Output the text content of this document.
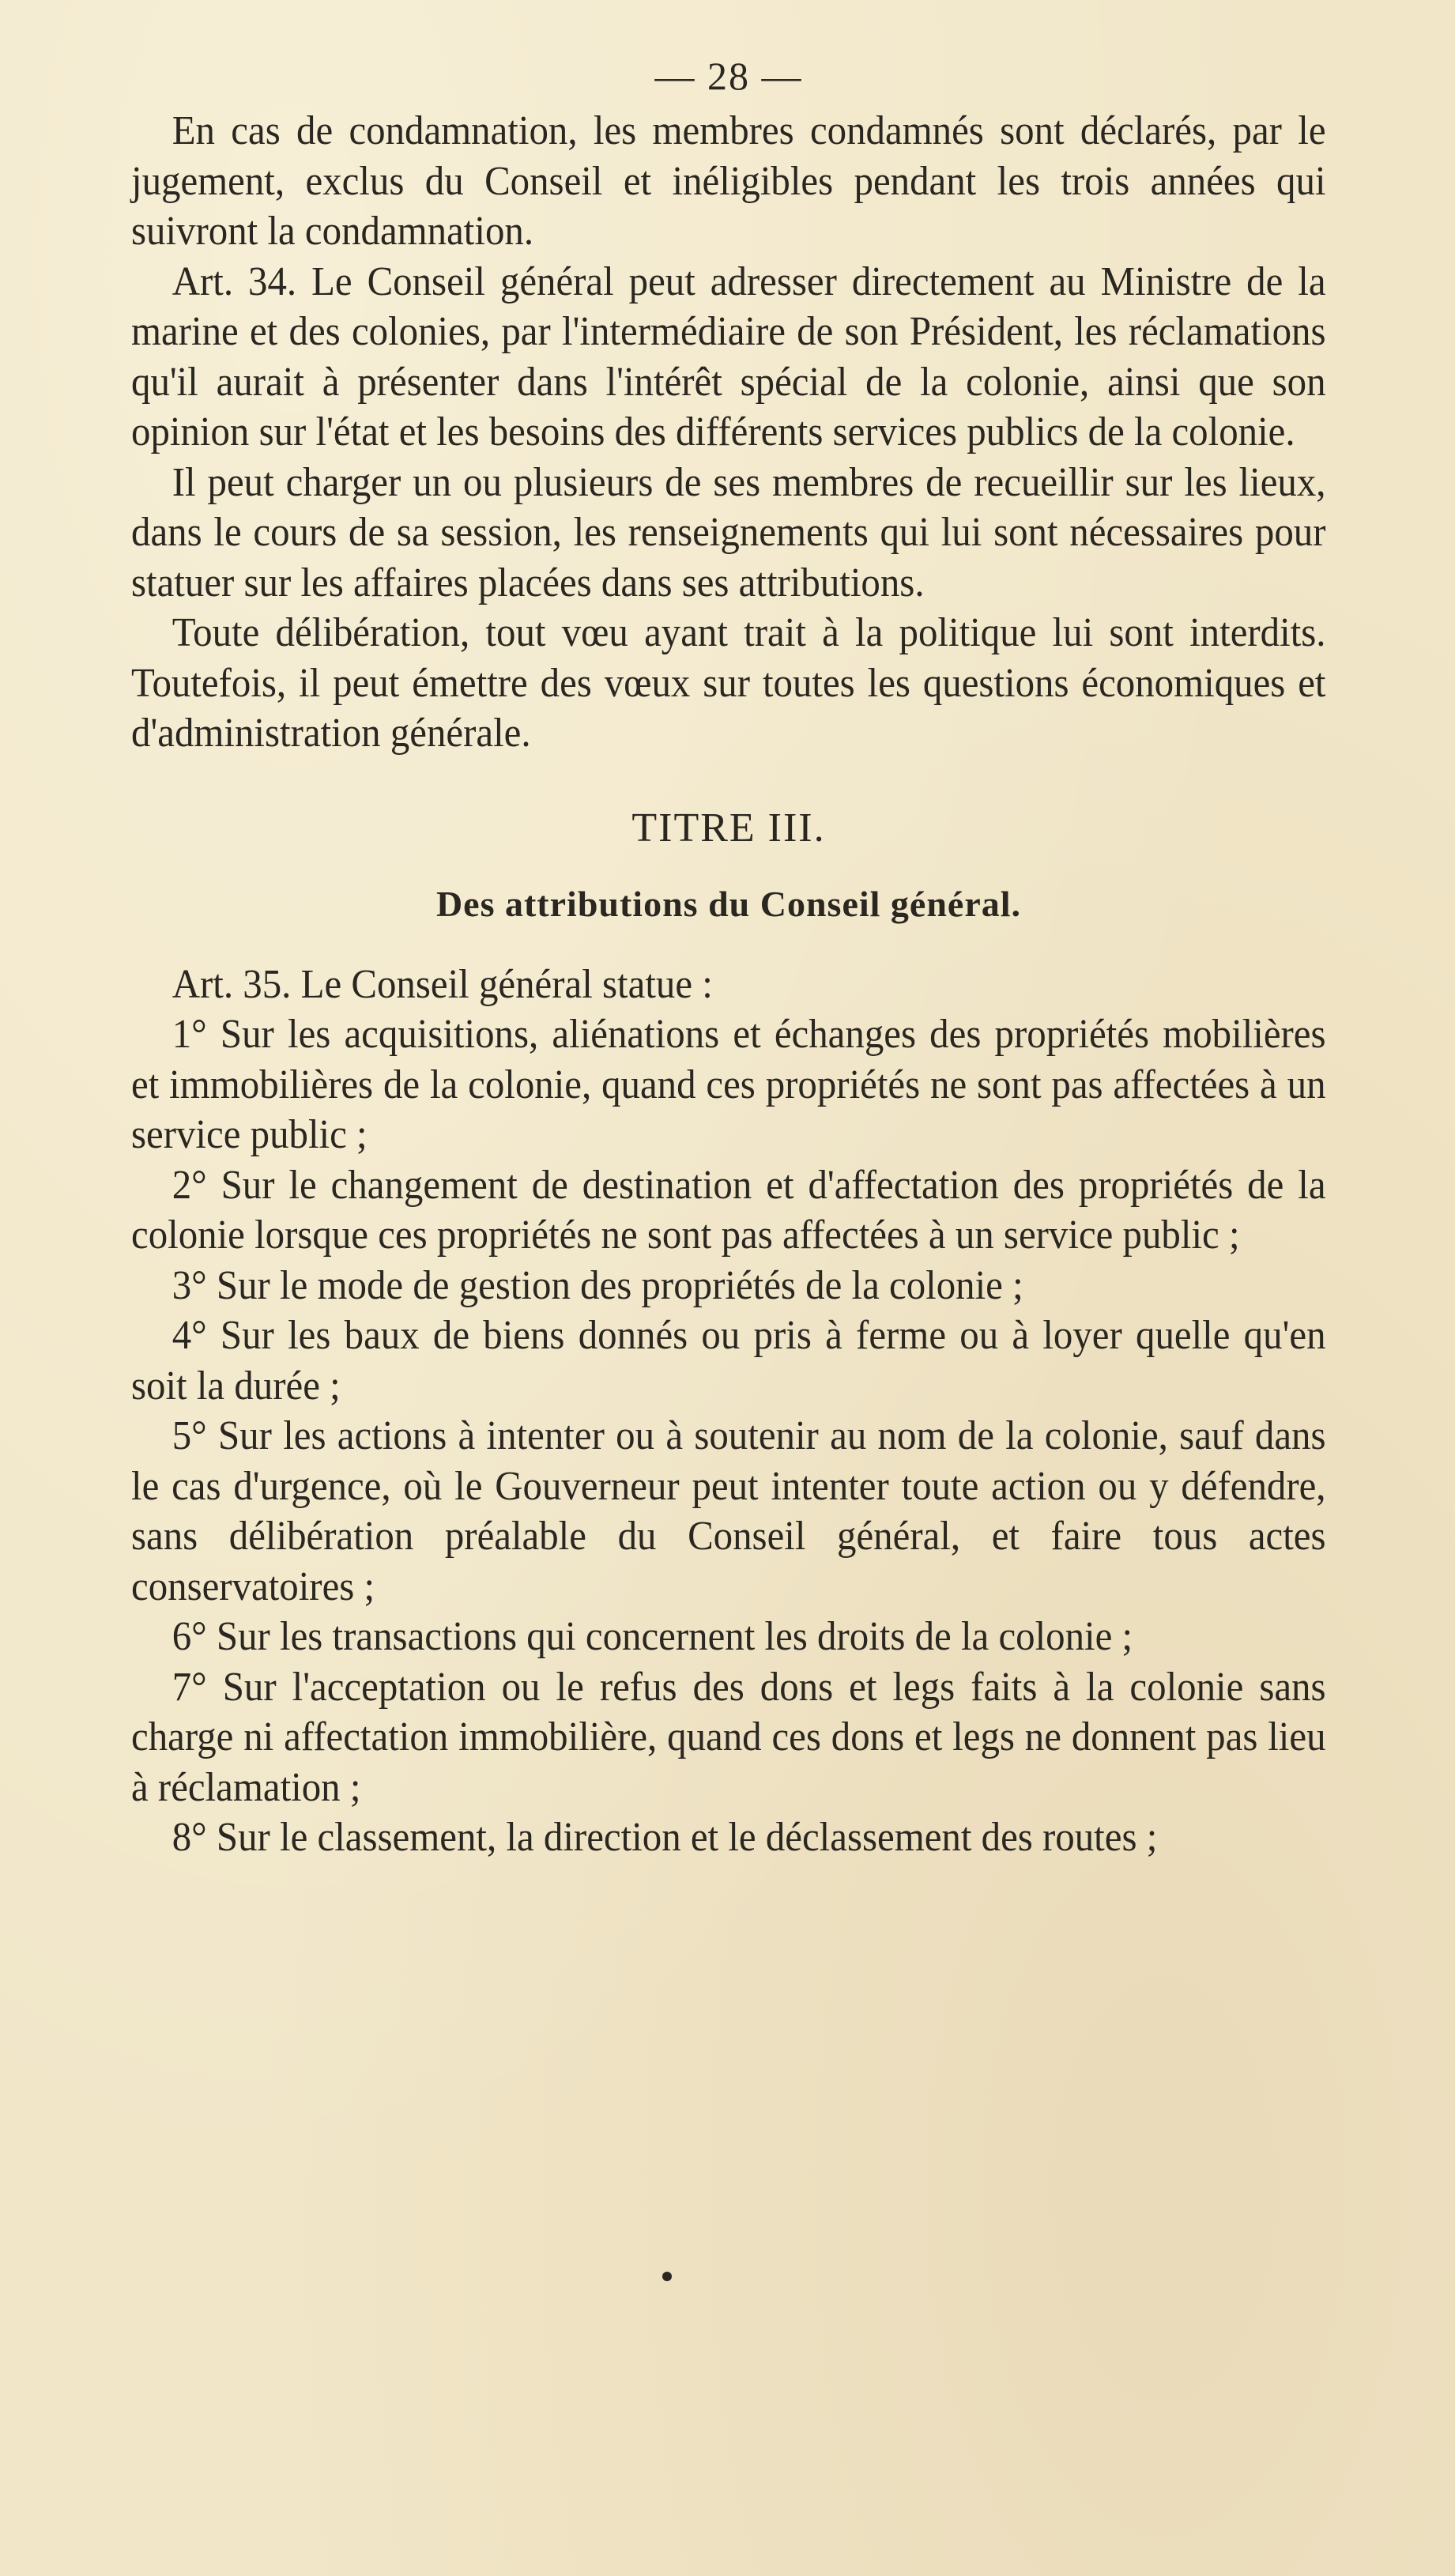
— 28 —

En cas de condamnation, les membres condamnés sont déclarés, par le jugement, exclus du Conseil et inéligibles pendant les trois années qui suivront la condamnation.

Art. 34. Le Conseil général peut adresser directement au Ministre de la marine et des colonies, par l'intermédiaire de son Président, les réclamations qu'il aurait à présenter dans l'intérêt spécial de la colonie, ainsi que son opinion sur l'état et les besoins des différents services publics de la colonie.

Il peut charger un ou plusieurs de ses membres de recueillir sur les lieux, dans le cours de sa session, les renseignements qui lui sont nécessaires pour statuer sur les affaires placées dans ses attributions.

Toute délibération, tout vœu ayant trait à la politique lui sont interdits. Toutefois, il peut émettre des vœux sur toutes les questions économiques et d'administration générale.

TITRE III.
Des attributions du Conseil général.

Art. 35. Le Conseil général statue :

1° Sur les acquisitions, aliénations et échanges des propriétés mobilières et immobilières de la colonie, quand ces propriétés ne sont pas affectées à un service public ;

2° Sur le changement de destination et d'affectation des propriétés de la colonie lorsque ces propriétés ne sont pas affectées à un service public ;

3° Sur le mode de gestion des propriétés de la colonie ;

4° Sur les baux de biens donnés ou pris à ferme ou à loyer quelle qu'en soit la durée ;

5° Sur les actions à intenter ou à soutenir au nom de la colonie, sauf dans le cas d'urgence, où le Gouverneur peut intenter toute action ou y défendre, sans délibération préalable du Conseil général, et faire tous actes conservatoires ;

6° Sur les transactions qui concernent les droits de la colonie ;

7° Sur l'acceptation ou le refus des dons et legs faits à la colonie sans charge ni affectation immobilière, quand ces dons et legs ne donnent pas lieu à réclamation ;

8° Sur le classement, la direction et le déclassement des routes ;
